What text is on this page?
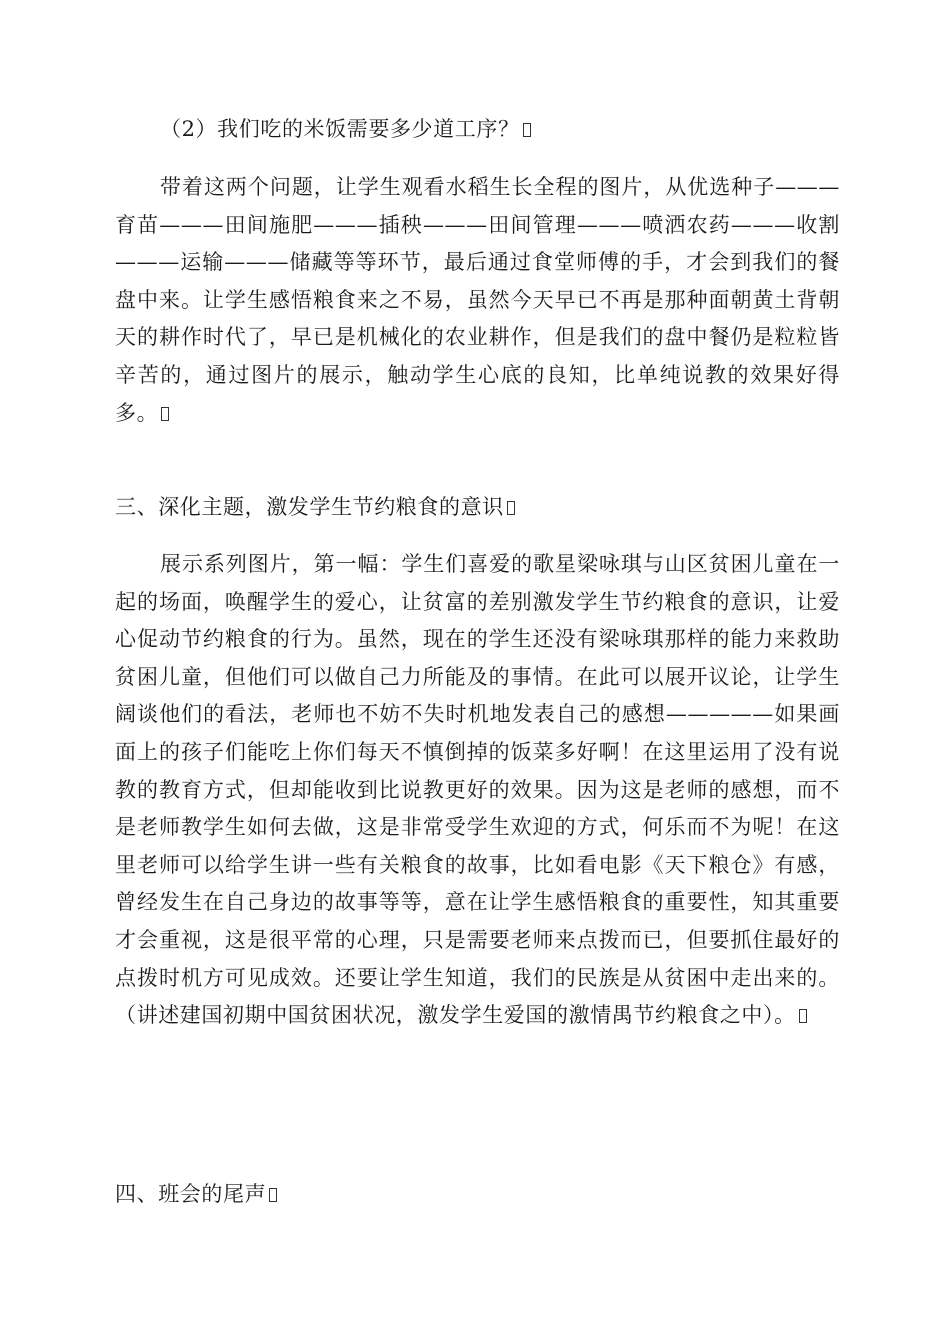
（2）我们吃的米饭需要多少道工序？
带着这两个问题，让学生观看水稻生长全程的图片，从优选种子———育苗———田间施肥———插秧———田间管理———喷洒农药———收割———运输———储藏等等环节，最后通过食堂师傅的手，才会到我们的餐盘中来。让学生感悟粮食来之不易，虽然今天早已不再是那种面朝黄土背朝天的耕作时代了，早已是机械化的农业耕作，但是我们的盘中餐仍是粒粒皆辛苦的，通过图片的展示，触动学生心底的良知，比单纯说教的效果好得多。
三、深化主题，激发学生节约粮食的意识
展示系列图片，第一幅：学生们喜爱的歌星梁咏琪与山区贫困儿童在一起的场面，唤醒学生的爱心，让贫富的差别激发学生节约粮食的意识，让爱心促动节约粮食的行为。虽然，现在的学生还没有梁咏琪那样的能力来救助贫困儿童，但他们可以做自己力所能及的事情。在此可以展开议论，让学生阔谈他们的看法，老师也不妨不失时机地发表自己的感想—————如果画面上的孩子们能吃上你们每天不慎倒掉的饭菜多好啊！在这里运用了没有说教的教育方式，但却能收到比说教更好的效果。因为这是老师的感想，而不是老师教学生如何去做，这是非常受学生欢迎的方式，何乐而不为呢！在这里老师可以给学生讲一些有关粮食的故事，比如看电影《天下粮仓》有感，曾经发生在自己身边的故事等等，意在让学生感悟粮食的重要性，知其重要才会重视，这是很平常的心理，只是需要老师来点拨而已，但要抓住最好的点拨时机方可见成效。还要让学生知道，我们的民族是从贫困中走出来的。（讲述建国初期中国贫困状况，激发学生爱国的激情禺节约粮食之中）。
四、班会的尾声
